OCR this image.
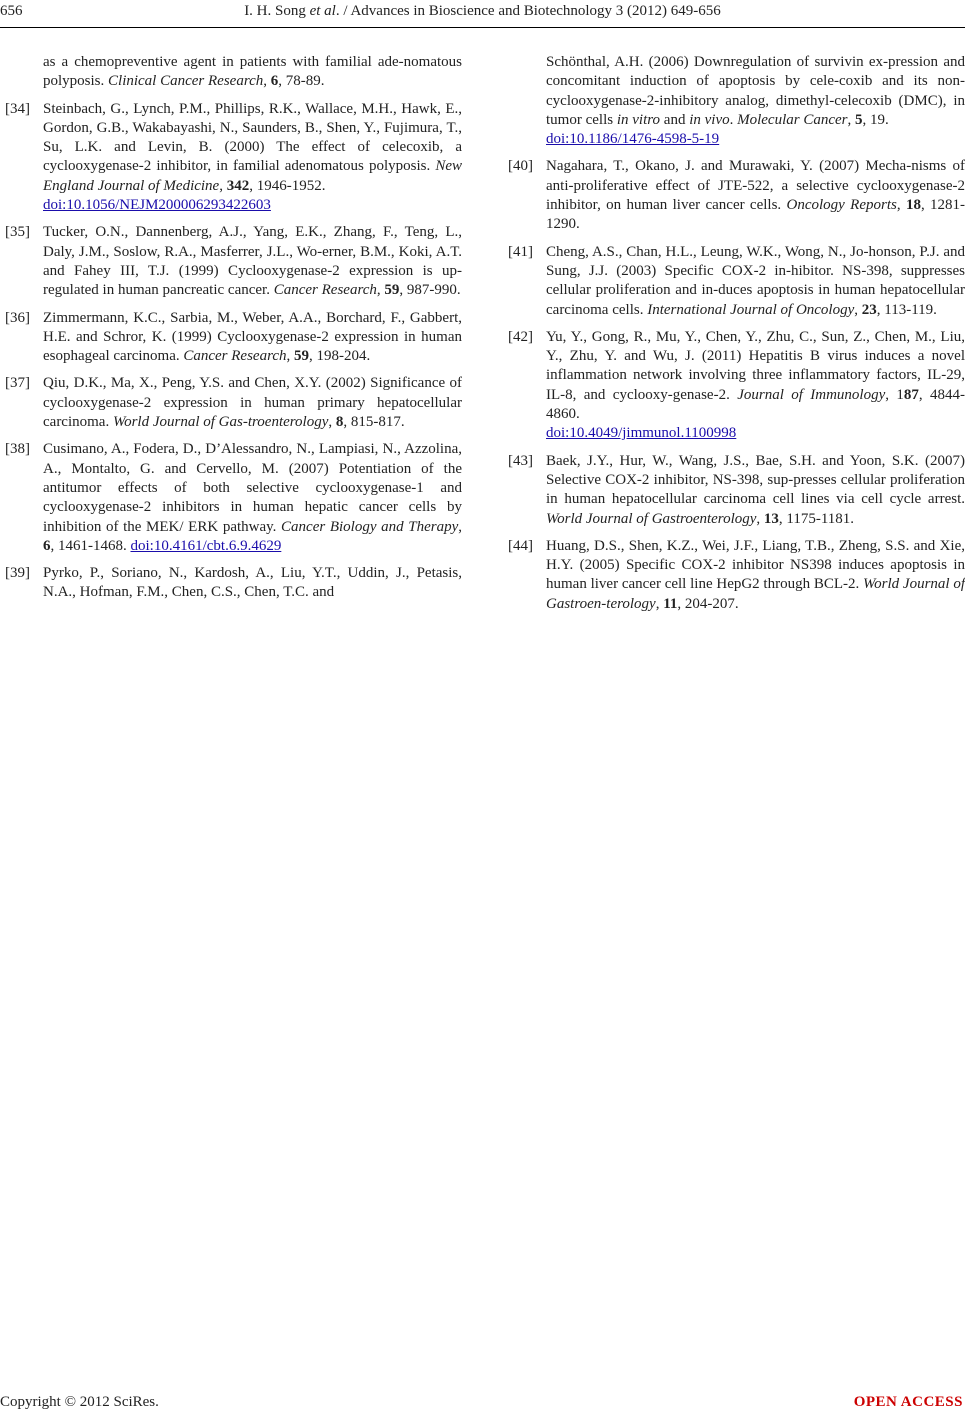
656	I. H. Song et al. / Advances in Bioscience and Biotechnology 3 (2012) 649-656
as a chemopreventive agent in patients with familial ade-nomatous polyposis. Clinical Cancer Research, 6, 78-89.
[34] Steinbach, G., Lynch, P.M., Phillips, R.K., Wallace, M.H., Hawk, E., Gordon, G.B., Wakabayashi, N., Saunders, B., Shen, Y., Fujimura, T., Su, L.K. and Levin, B. (2000) The effect of celecoxib, a cyclooxygenase-2 inhibitor, in familial adenomatous polyposis. New England Journal of Medicine, 342, 1946-1952.
doi:10.1056/NEJM200006293422603
[35] Tucker, O.N., Dannenberg, A.J., Yang, E.K., Zhang, F., Teng, L., Daly, J.M., Soslow, R.A., Masferrer, J.L., Wo-erner, B.M., Koki, A.T. and Fahey III, T.J. (1999) Cyclooxygenase-2 expression is up-regulated in human pancreatic cancer. Cancer Research, 59, 987-990.
[36] Zimmermann, K.C., Sarbia, M., Weber, A.A., Borchard, F., Gabbert, H.E. and Schror, K. (1999) Cyclooxygenase-2 expression in human esophageal carcinoma. Cancer Research, 59, 198-204.
[37] Qiu, D.K., Ma, X., Peng, Y.S. and Chen, X.Y. (2002) Significance of cyclooxygenase-2 expression in human primary hepatocellular carcinoma. World Journal of Gas-troenterology, 8, 815-817.
[38] Cusimano, A., Fodera, D., D’Alessandro, N., Lampiasi, N., Azzolina, A., Montalto, G. and Cervello, M. (2007) Potentiation of the antitumor effects of both selective cyclooxygenase-1 and cyclooxygenase-2 inhibitors in human hepatic cancer cells by inhibition of the MEK/ ERK pathway. Cancer Biology and Therapy, 6, 1461-1468. doi:10.4161/cbt.6.9.4629
[39] Pyrko, P., Soriano, N., Kardosh, A., Liu, Y.T., Uddin, J., Petasis, N.A., Hofman, F.M., Chen, C.S., Chen, T.C. and
Schönthal, A.H. (2006) Downregulation of survivin ex-pression and concomitant induction of apoptosis by cele-coxib and its non-cyclooxygenase-2-inhibitory analog, dimethyl-celecoxib (DMC), in tumor cells in vitro and in vivo. Molecular Cancer, 5, 19.
doi:10.1186/1476-4598-5-19
[40] Nagahara, T., Okano, J. and Murawaki, Y. (2007) Mecha-nisms of anti-proliferative effect of JTE-522, a selective cyclooxygenase-2 inhibitor, on human liver cancer cells. Oncology Reports, 18, 1281-1290.
[41] Cheng, A.S., Chan, H.L., Leung, W.K., Wong, N., Jo-honson, P.J. and Sung, J.J. (2003) Specific COX-2 in-hibitor. NS-398, suppresses cellular proliferation and in-duces apoptosis in human hepatocellular carcinoma cells. International Journal of Oncology, 23, 113-119.
[42] Yu, Y., Gong, R., Mu, Y., Chen, Y., Zhu, C., Sun, Z., Chen, M., Liu, Y., Zhu, Y. and Wu, J. (2011) Hepatitis B virus induces a novel inflammation network involving three inflammatory factors, IL-29, IL-8, and cyclooxy-genase-2. Journal of Immunology, 187, 4844-4860.
doi:10.4049/jimmunol.1100998
[43] Baek, J.Y., Hur, W., Wang, J.S., Bae, S.H. and Yoon, S.K. (2007) Selective COX-2 inhibitor, NS-398, sup-presses cellular proliferation in human hepatocellular carcinoma cell lines via cell cycle arrest. World Journal of Gastroenterology, 13, 1175-1181.
[44] Huang, D.S., Shen, K.Z., Wei, J.F., Liang, T.B., Zheng, S.S. and Xie, H.Y. (2005) Specific COX-2 inhibitor NS398 induces apoptosis in human liver cancer cell line HepG2 through BCL-2. World Journal of Gastroen-terology, 11, 204-207.
Copyright © 2012 SciRes.	OPEN ACCESS
